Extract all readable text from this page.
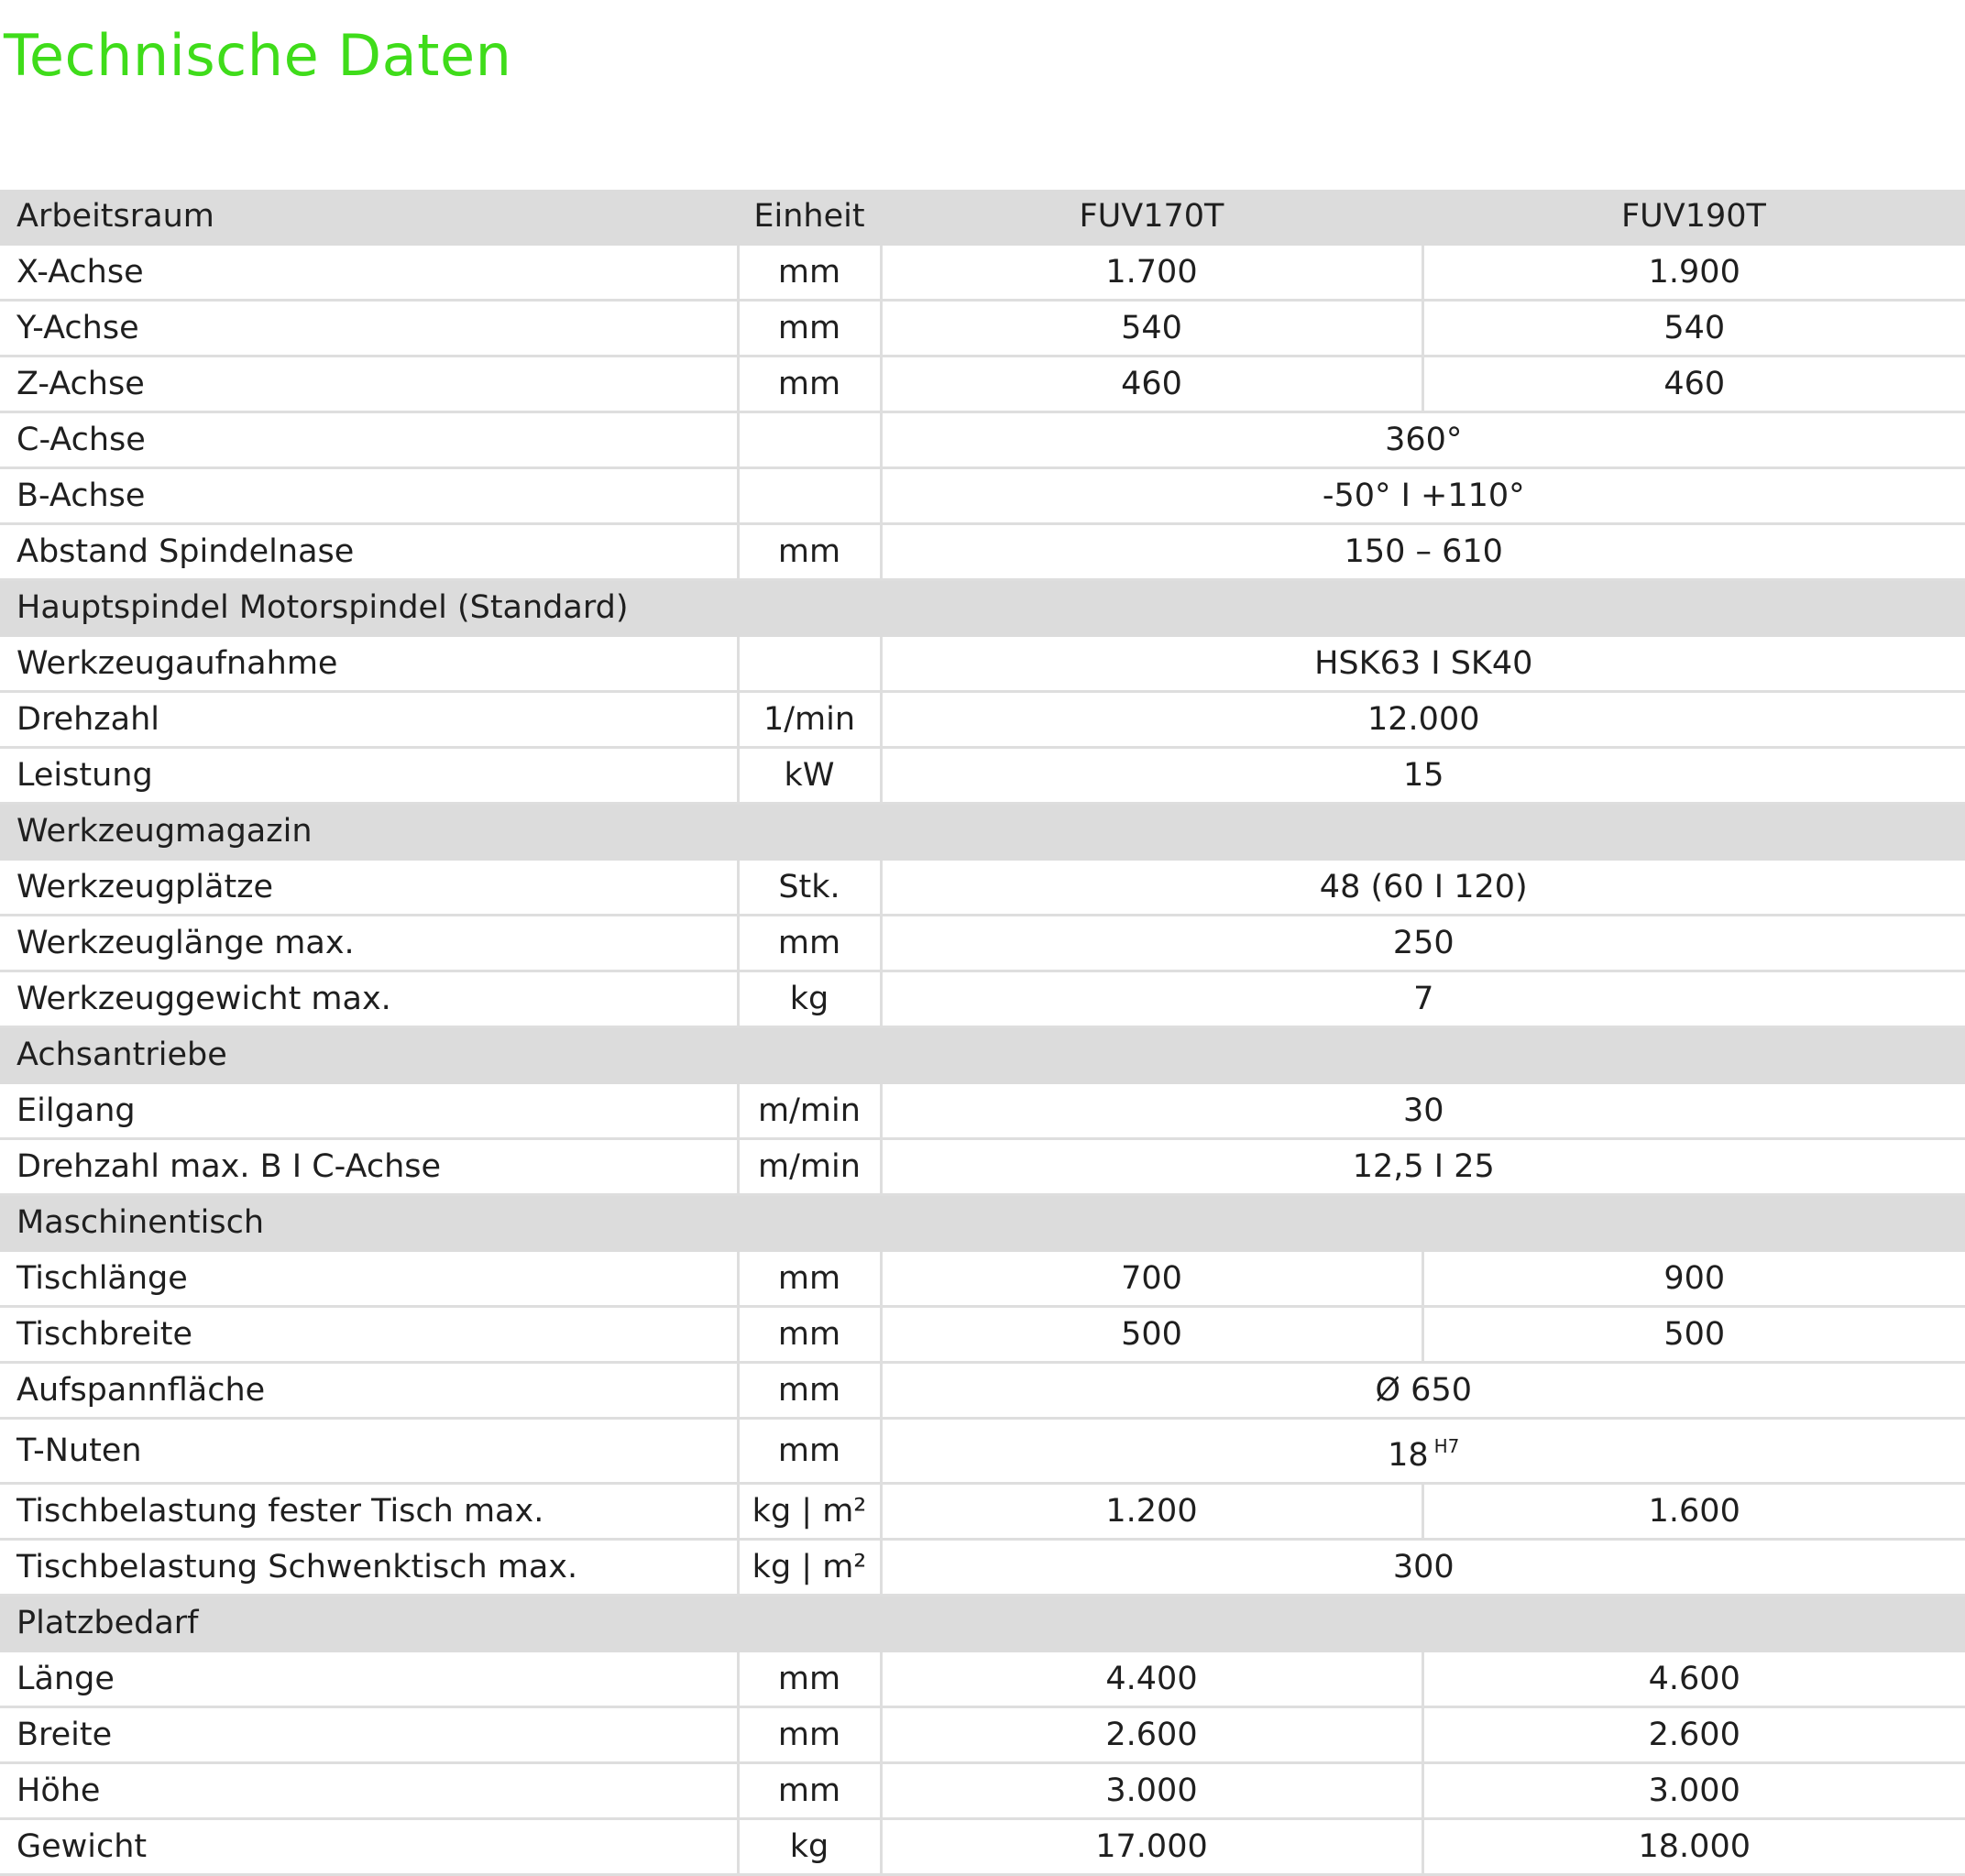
Technische Daten
Arbeitsraum	Einheit	FUV170T	FUV190T
X-Achse	mm	1.700	1.900
Y-Achse	mm	540	540
Z-Achse	mm	460	460
C-Achse		360°	
B-Achse		-50° I +110°	
Abstand Spindelnase	mm	150 – 610	
Hauptspindel Motorspindel (Standard)			
Werkzeugaufnahme		HSK63 I SK40	
Drehzahl	1/min	12.000	
Leistung	kW	15	
Werkzeugmagazin			
Werkzeugplätze	Stk.	48 (60 I 120)	
Werkzeuglänge max.	mm	250	
Werkzeuggewicht max.	kg	7	
Achsantriebe			
Eilgang	m/min	30	
Drehzahl max. B I C-Achse	m/min	12,5 I 25	
Maschinentisch			
Tischlänge	mm	700	900
Tischbreite	mm	500	500
Aufspannfläche	mm	Ø 650	
T-Nuten	mm	18 $^{H7}$
Tischbelastung fester Tisch max.	kg | m²	1.200	1.600
Tischbelastung Schwenktisch max.	kg | m²	300	
Platzbedarf			
Länge	mm	4.400	4.600
Breite	mm	2.600	2.600
Höhe	mm	3.000	3.000
Gewicht	kg	17.000	18.000
